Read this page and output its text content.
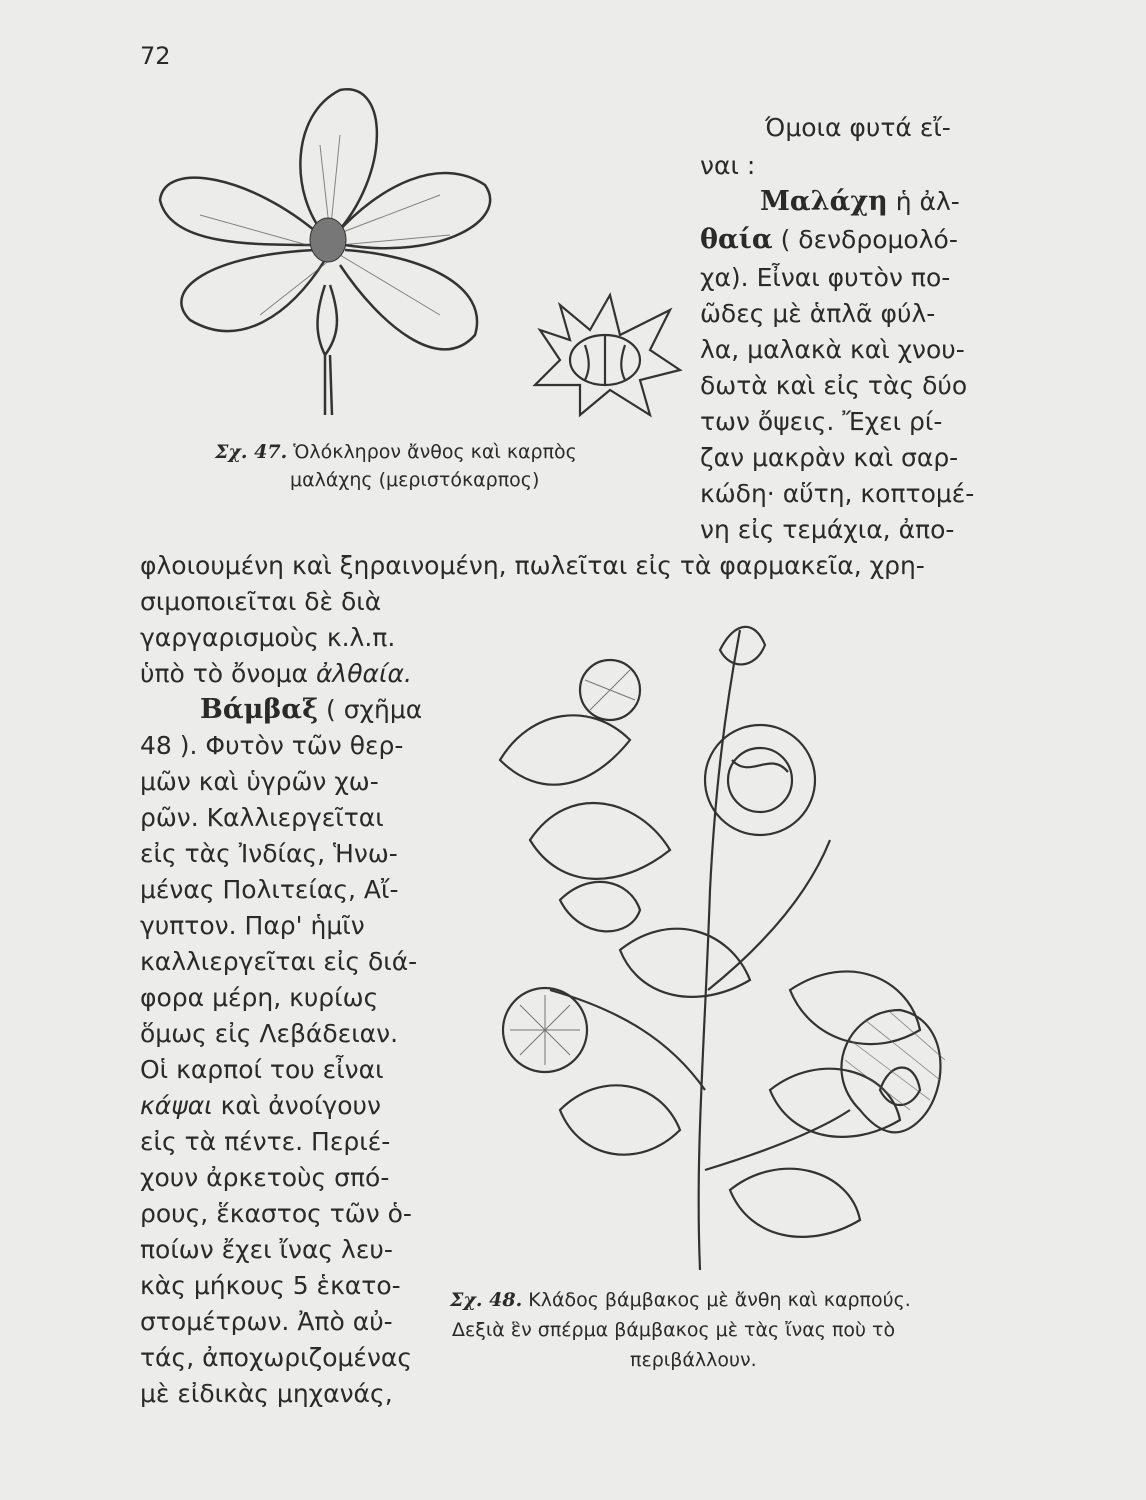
72
Όμοια φυτά εἴ-
ναι :
Μαλάχη ἡ ἀλ-
θαία ( δενδρομολό-
χα). Εἶναι φυτὸν πο-
ῶδες μὲ ἁπλᾶ φύλ-
λα, μαλακὰ καὶ χνου-
δωτὰ καὶ εἰς τὰς δύο
των ὄψεις. Ἔχει ρί-
ζαν μακρὰν καὶ σαρ-
κώδη· αὕτη, κοπτομέ-
νη εἰς τεμάχια, ἀπο-
Σχ. 47. Ὁλόκληρον ἄνθος καὶ καρπὸς
μαλάχης (μεριστόκαρπος)
φλοιουμένη καὶ ξηραινομένη, πωλεῖται εἰς τὰ φαρμακεῖα, χρη-
σιμοποιεῖται δὲ διὰ
γαργαρισμοὺς κ.λ.π.
ὑπὸ τὸ ὄνομα ἀλθαία.
Βάμβαξ ( σχῆμα
48 ). Φυτὸν τῶν θερ-
μῶν καὶ ὑγρῶν χω-
ρῶν. Καλλιεργεῖται
εἰς τὰς Ἰνδίας, Ἡνω-
μένας Πολιτείας, Αἴ-
γυπτον. Παρ' ἡμῖν
καλλιεργεῖται εἰς διά-
φορα μέρη, κυρίως
ὅμως εἰς Λεβάδειαν.
Οἱ καρποί του εἶναι
κάψαι καὶ ἀνοίγουν
εἰς τὰ πέντε. Περιέ-
χουν ἀρκετοὺς σπό-
ρους, ἕκαστος τῶν ὁ-
ποίων ἔχει ἴνας λευ-
κὰς μήκους 5 ἑκατο-
στομέτρων. Ἀπὸ αὐ-
τάς, ἀποχωριζομένας
μὲ εἰδικὰς μηχανάς,
Σχ. 48. Κλάδος βάμβακος μὲ ἄνθη καὶ καρπούς.
Δεξιὰ ἓν σπέρμα βάμβακος μὲ τὰς ἴνας ποὺ τὸ
περιβάλλουν.
